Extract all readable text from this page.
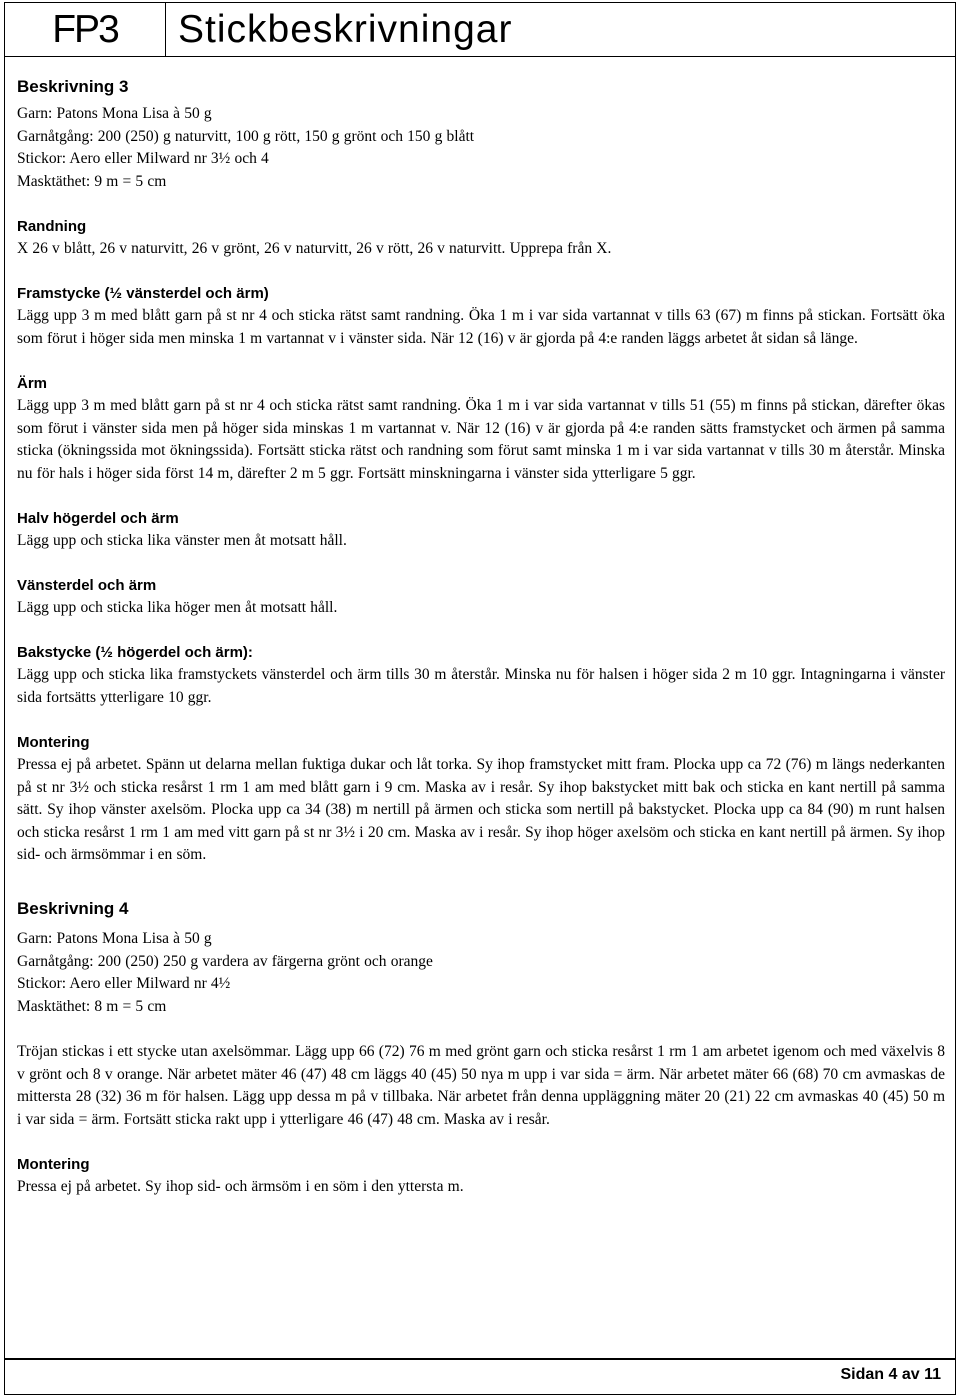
FP3	Stickbeskrivningar

Beskrivning 3

Garn: Patons Mona Lisa à 50 g

Garnåtgång: 200 (250) g naturvitt, 100 g rött, 150 g grönt och 150 g blått

Stickor: Aero eller Milward nr 3½ och 4

Masktäthet: 9 m = 5 cm

Randning

X 26 v blått, 26 v naturvitt, 26 v grönt, 26 v naturvitt, 26 v rött, 26 v naturvitt. Upprepa från X.

Framstycke (½ vänsterdel och ärm)

Lägg upp 3 m med blått garn på st nr 4 och sticka rätst samt randning. Öka 1 m i var sida vartannat v tills 63 (67) m finns på stickan. Fortsätt öka som förut i höger sida men minska 1 m vartannat v i vänster sida. När 12 (16) v är gjorda på 4:e randen läggs arbetet åt sidan så länge.

Ärm

Lägg upp 3 m med blått garn på st nr 4 och sticka rätst samt randning. Öka 1 m i var sida vartannat v tills 51 (55) m finns på stickan, därefter ökas som förut i vänster sida men på höger sida minskas 1 m vartannat v. När 12 (16) v är gjorda på 4:e randen sätts framstycket och ärmen på samma sticka (ökningssida mot ökningssida). Fortsätt sticka rätst och randning som förut samt minska 1 m i var sida vartannat v tills 30 m återstår. Minska nu för hals i höger sida först 14 m, därefter 2 m 5 ggr. Fortsätt minskningarna i vänster sida ytterligare 5 ggr.

Halv högerdel och ärm

Lägg upp och sticka lika vänster men åt motsatt håll.

Vänsterdel och ärm

Lägg upp och sticka lika höger men åt motsatt håll.

Bakstycke (½ högerdel och ärm):

Lägg upp och sticka lika framstyckets vänsterdel och ärm tills 30 m återstår. Minska nu för halsen i höger sida 2 m 10 ggr. Intagningarna i vänster sida fortsätts ytterligare 10 ggr.

Montering

Pressa ej på arbetet. Spänn ut delarna mellan fuktiga dukar och låt torka. Sy ihop framstycket mitt fram. Plocka upp ca 72 (76) m längs nederkanten på st nr 3½ och sticka resårst 1 rm 1 am med blått garn i 9 cm. Maska av i resår. Sy ihop bakstycket mitt bak och sticka en kant nertill på samma sätt. Sy ihop vänster axelsöm. Plocka upp ca 34 (38) m nertill på ärmen och sticka som nertill på bakstycket. Plocka upp ca 84 (90) m runt halsen och sticka resårst 1 rm 1 am med vitt garn på st nr 3½ i 20 cm. Maska av i resår. Sy ihop höger axelsöm och sticka en kant nertill på ärmen. Sy ihop sid- och ärmsömmar i en söm.

Beskrivning 4

Garn: Patons Mona Lisa à 50 g

Garnåtgång: 200 (250) 250 g vardera av färgerna grönt och orange

Stickor: Aero eller Milward nr 4½

Masktäthet: 8 m = 5 cm

Tröjan stickas i ett stycke utan axelsömmar. Lägg upp 66 (72) 76 m med grönt garn och sticka resårst 1 rm 1 am arbetet igenom och med växelvis 8 v grönt och 8 v orange. När arbetet mäter 46 (47) 48 cm läggs 40 (45) 50 nya m upp i var sida = ärm. När arbetet mäter 66 (68) 70 cm avmaskas de mittersta 28 (32) 36 m för halsen. Lägg upp dessa m på v tillbaka. När arbetet från denna uppläggning mäter 20 (21) 22 cm avmaskas 40 (45) 50 m i var sida = ärm. Fortsätt sticka rakt upp i ytterligare 46 (47) 48 cm. Maska av i resår.

Montering

Pressa ej på arbetet. Sy ihop sid- och ärmsöm i en söm i den yttersta m.

Sidan 4 av 11
